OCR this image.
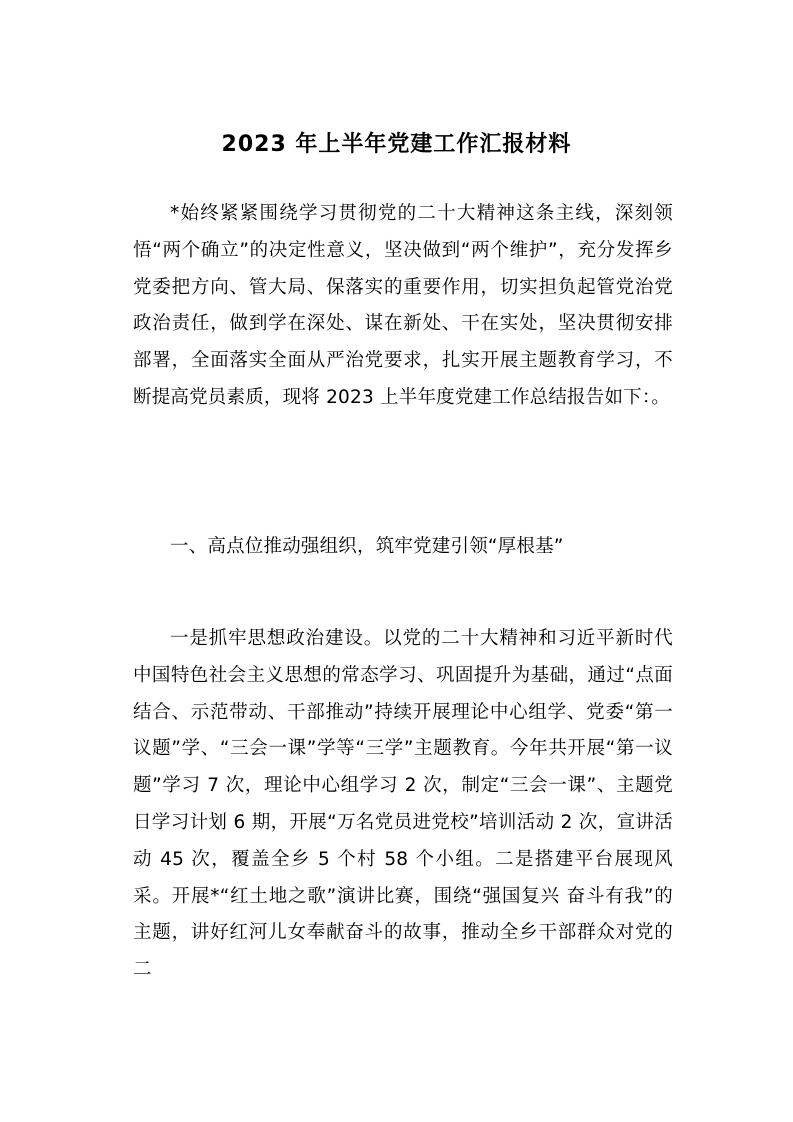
2023 年上半年党建工作汇报材料

*始终紧紧围绕学习贯彻党的二十大精神这条主线，深刻领悟“两个确立”的决定性意义，坚决做到“两个维护”，充分发挥乡党委把方向、管大局、保落实的重要作用，切实担负起管党治党政治责任，做到学在深处、谋在新处、干在实处，坚决贯彻安排部署，全面落实全面从严治党要求，扎实开展主题教育学习，不断提高党员素质，现将 2023 上半年度党建工作总结报告如下：。

一、高点位推动强组织，筑牢党建引领“厚根基”

一是抓牢思想政治建设。以党的二十大精神和习近平新时代中国特色社会主义思想的常态学习、巩固提升为基础，通过“点面结合、示范带动、干部推动”持续开展理论中心组学、党委“第一议题”学、“三会一课”学等“三学”主题教育。今年共开展“第一议题”学习 7 次，理论中心组学习 2 次，制定“三会一课”、主题党日学习计划 6 期，开展“万名党员进党校”培训活动 2 次，宣讲活动 45 次，覆盖全乡 5 个村 58 个小组。二是搭建平台展现风采。开展*“红土地之歌”演讲比赛，围绕“强国复兴 奋斗有我”的主题，讲好红河儿女奉献奋斗的故事，推动全乡干部群众对党的二
